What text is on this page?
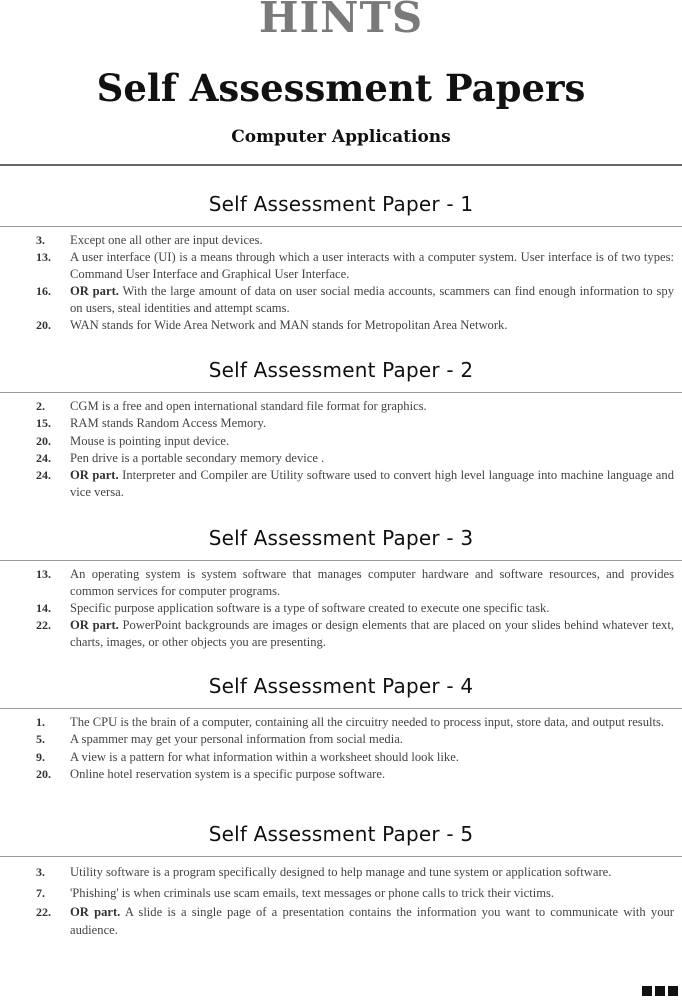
HINTS
Self Assessment Papers
Computer Applications
Self Assessment Paper - 1
3.	Except one all other are input devices.
13.	A user interface (UI) is a means through which a user interacts with a computer system. User interface is of two types: Command User Interface and Graphical User Interface.
16.	OR part. With the large amount of data on user social media accounts, scammers can find enough information to spy on users, steal identities and attempt scams.
20.	WAN stands for Wide Area Network and MAN stands for Metropolitan Area Network.
Self Assessment Paper - 2
2.	CGM is a free and open international standard file format for graphics.
15.	RAM stands Random Access Memory.
20.	Mouse is pointing input device.
24.	Pen drive is a portable secondary memory device .
24.	OR part. Interpreter and Compiler are Utility software used to convert high level language into machine language and vice versa.
Self Assessment Paper - 3
13.	An operating system is system software that manages computer hardware and software resources, and provides common services for computer programs.
14.	Specific purpose application software is a type of software created to execute one specific task.
22.	OR part. PowerPoint backgrounds are images or design elements that are placed on your slides behind whatever text, charts, images, or other objects you are presenting.
Self Assessment Paper - 4
1.	The CPU is the brain of a computer, containing all the circuitry needed to process input, store data, and output results.
5.	A spammer may get your personal information from social media.
9.	A view is a pattern for what information within a worksheet should look like.
20.	Online hotel reservation system is a specific purpose software.
Self Assessment Paper - 5
3.	Utility software is a program specifically designed to help manage and tune system or application software.
7.	'Phishing' is when criminals use scam emails, text messages or phone calls to trick their victims.
22.	OR part. A slide is a single page of a presentation contains the information you want to communicate with your audience.
